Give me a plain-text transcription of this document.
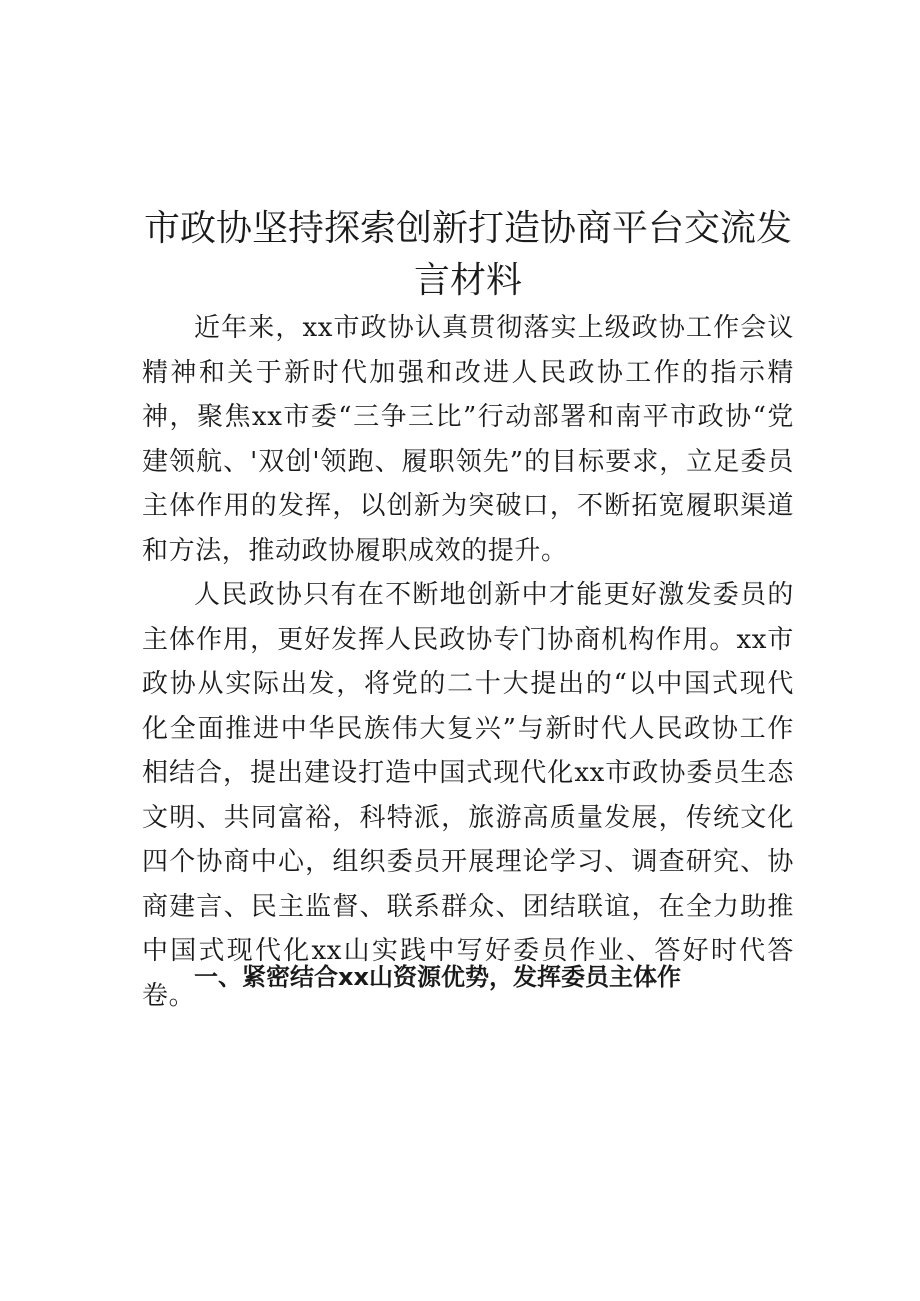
市政协坚持探索创新打造协商平台交流发言材料

近年来，xx市政协认真贯彻落实上级政协工作会议精神和关于新时代加强和改进人民政协工作的指示精神，聚焦xx市委“三争三比”行动部署和南平市政协“党建领航、'双创'领跑、履职领先”的目标要求，立足委员主体作用的发挥，以创新为突破口，不断拓宽履职渠道和方法，推动政协履职成效的提升。

人民政协只有在不断地创新中才能更好激发委员的主体作用，更好发挥人民政协专门协商机构作用。xx市政协从实际出发，将党的二十大提出的“以中国式现代化全面推进中华民族伟大复兴”与新时代人民政协工作相结合，提出建设打造中国式现代化xx市政协委员生态文明、共同富裕，科特派，旅游高质量发展，传统文化四个协商中心，组织委员开展理论学习、调查研究、协商建言、民主监督、联系群众、团结联谊，在全力助推中国式现代化xx山实践中写好委员作业、答好时代答卷。

一、紧密结合xx山资源优势，发挥委员主体作
